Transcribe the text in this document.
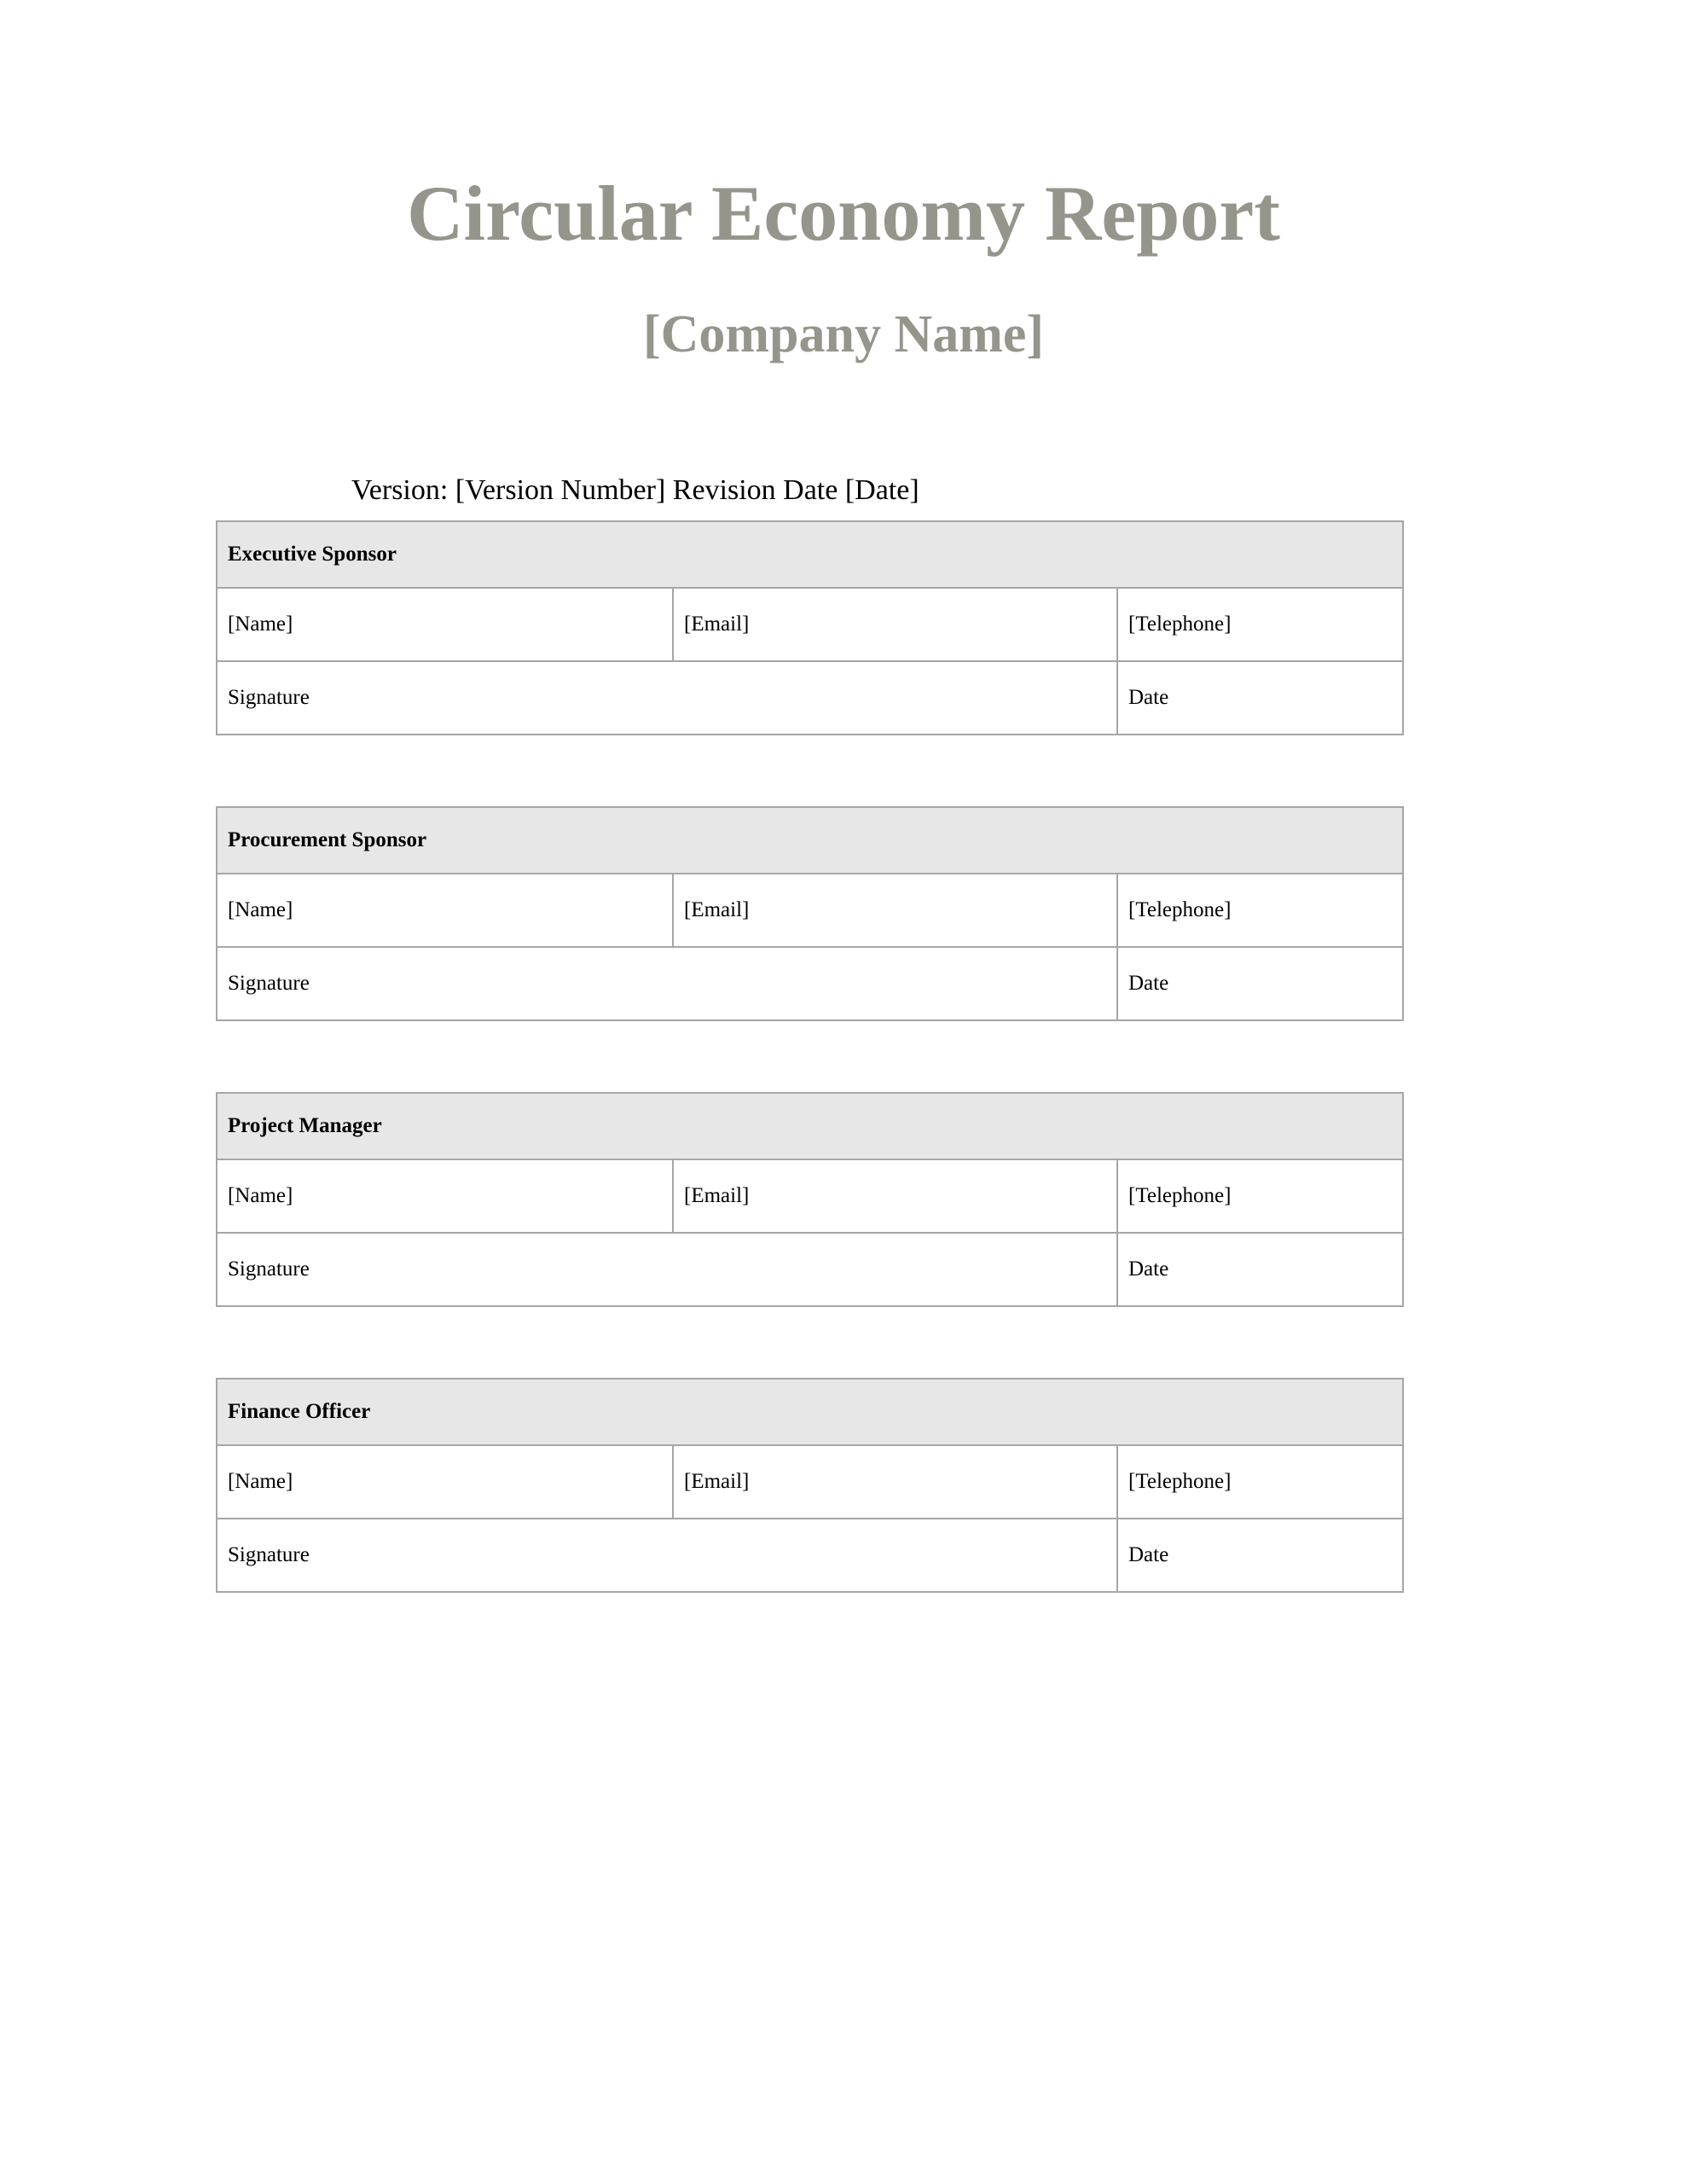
Circular Economy Report
[Company Name]
Version: [Version Number] Revision Date [Date]
Executive Sponsor		
[Name]	[Email]	[Telephone]
Signature		Date
Procurement Sponsor		
[Name]	[Email]	[Telephone]
Signature		Date
Project Manager		
[Name]	[Email]	[Telephone]
Signature		Date
Finance Officer		
[Name]	[Email]	[Telephone]
Signature		Date
